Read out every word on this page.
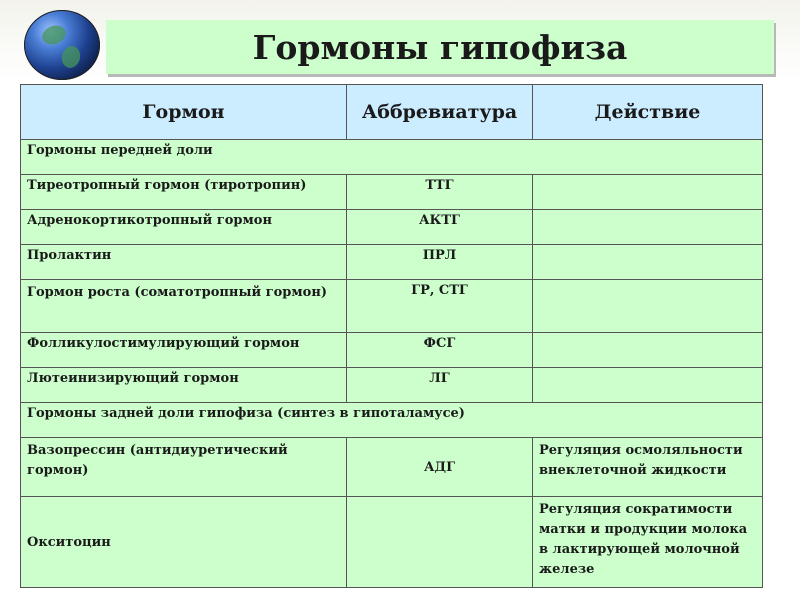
Гормоны гипофиза
Гормон	Аббревиатура	Действие
Гормоны передней доли		
Тиреотропный гормон (тиротропин)	ТТГ	
Адренокортикотропный гормон	АКТГ	
Пролактин	ПРЛ	
Гормон роста (соматотропный гормон)	ГР, СТГ	
Фолликулостимулирующий гормон	ФСГ	
Лютеинизирующий гормон	ЛГ	
Гормоны задней доли гипофиза (синтез в гипоталамусе)		
Вазопрессин (антидиуретический гормон)	АДГ	Регуляция осмоляльности внеклеточной жидкости
Окситоцин		Регуляция сократимости матки и продукции молока в лактирующей молочной железе
